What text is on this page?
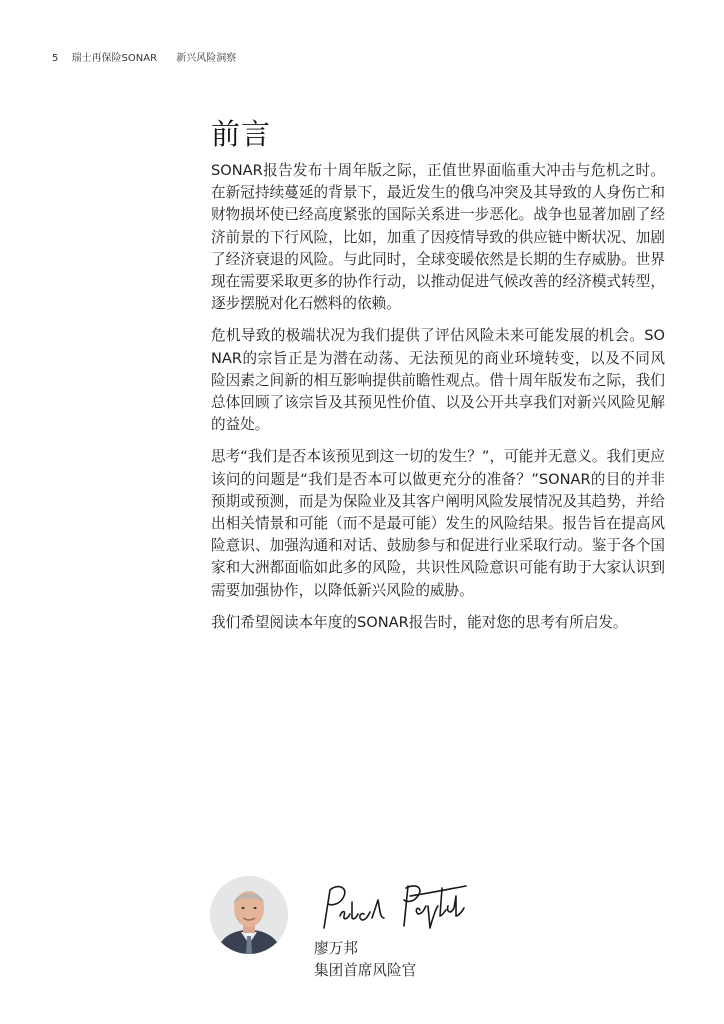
5 瑞士再保险SONAR 新兴风险洞察
前言

SONAR报告发布十周年版之际，正值世界面临重大冲击与危机之时。在新冠持续蔓延的背景下，最近发生的俄乌冲突及其导致的人身伤亡和财物损坏使已经高度紧张的国际关系进一步恶化。战争也显著加剧了经济前景的下行风险，比如，加重了因疫情导致的供应链中断状况、加剧了经济衰退的风险。与此同时，全球变暖依然是长期的生存威胁。世界现在需要采取更多的协作行动，以推动促进气候改善的经济模式转型，逐步摆脱对化石燃料的依赖。

危机导致的极端状况为我们提供了评估风险未来可能发展的机会。SONAR的宗旨正是为潜在动荡、无法预见的商业环境转变，以及不同风险因素之间新的相互影响提供前瞻性观点。借十周年版发布之际，我们总体回顾了该宗旨及其预见性价值、以及公开共享我们对新兴风险见解的益处。

思考“我们是否本该预见到这一切的发生？”，可能并无意义。我们更应该问的问题是“我们是否本可以做更充分的准备？”SONAR的目的并非预期或预测，而是为保险业及其客户阐明风险发展情况及其趋势，并给出相关情景和可能（而不是最可能）发生的风险结果。报告旨在提高风险意识、加强沟通和对话、鼓励参与和促进行业采取行动。鉴于各个国家和大洲都面临如此多的风险，共识性风险意识可能有助于大家认识到需要加强协作，以降低新兴风险的威胁。

我们希望阅读本年度的SONAR报告时，能对您的思考有所启发。

廖万邦
集团首席风险官
